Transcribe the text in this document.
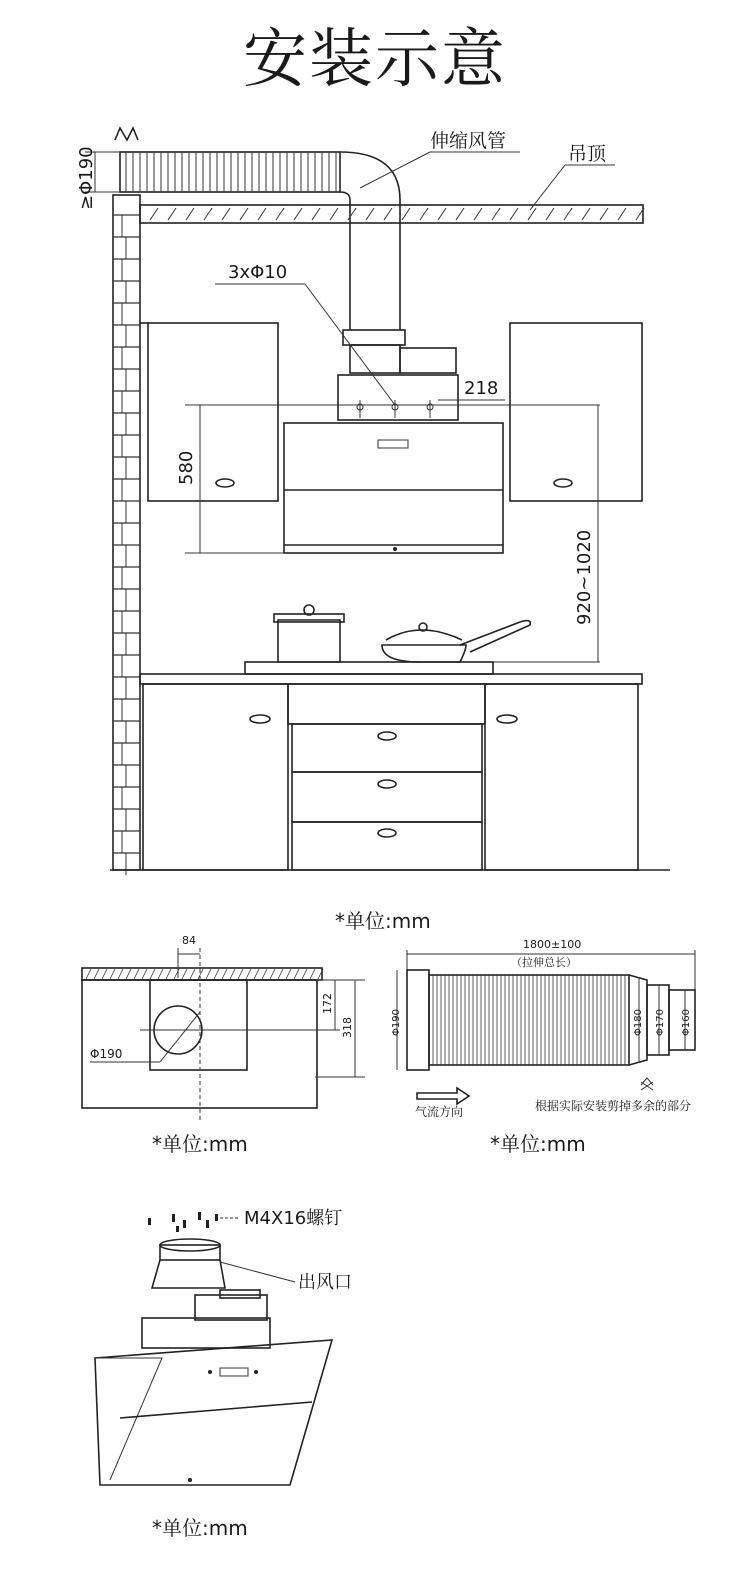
安装示意
伸缩风管
吊顶
3xΦ10
218
580
920~1020
≥Φ190
*单位:mm
84
172
318
Φ190
*单位:mm
1800±100
（拉伸总长）
Φ190	Φ180 Φ170 Φ160
气流方向	根据实际安装剪掉多余的部分
*单位:mm
M4X16螺钉
出风口
*单位:mm
